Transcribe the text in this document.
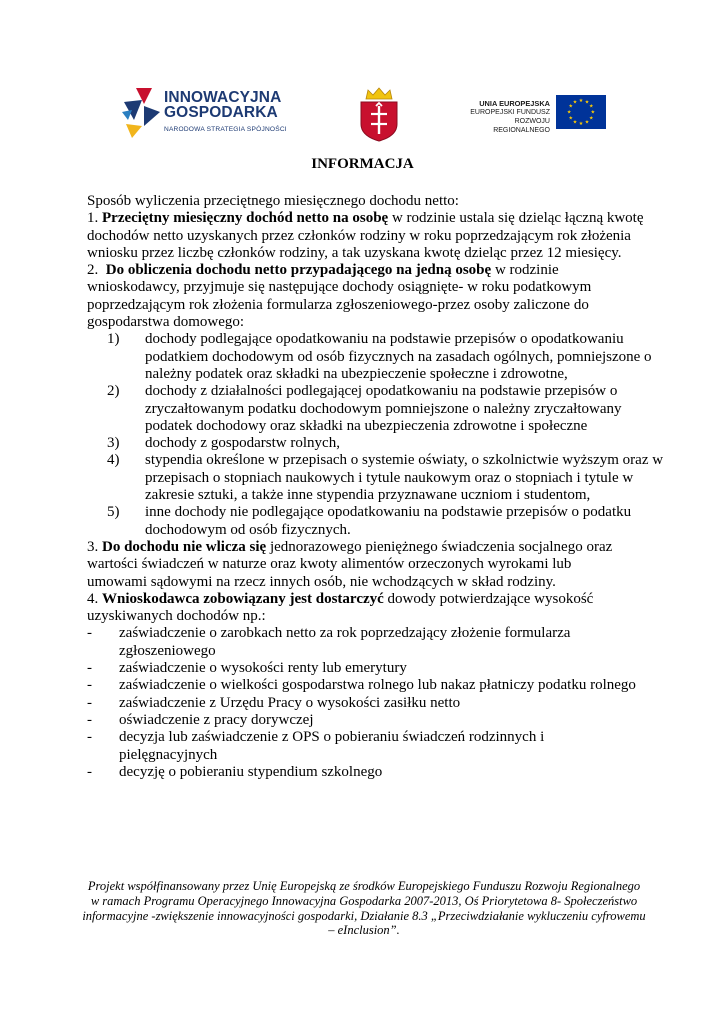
INNOWACYJNA
GOSPODARKA
NARODOWA STRATEGIA SPÓJNOŚCI
UNIA EUROPEJSKA
EUROPEJSKI FUNDUSZ
ROZWOJU REGIONALNEGO
★ ★
★
★
★
★
★
★
★
★
★
★
INFORMACJA
Sposób wyliczenia przeciętnego miesięcznego dochodu netto:
1. Przeciętny miesięczny dochód netto na osobę w rodzinie ustala się dzieląc łączną kwotę
dochodów netto uzyskanych przez członków rodziny w roku poprzedzającym rok złożenia
wniosku przez liczbę członków rodziny, a tak uzyskana kwotę dzieląc przez 12 miesięcy.
2.  Do obliczenia dochodu netto przypadającego na jedną osobę w rodzinie
wnioskodawcy, przyjmuje się następujące dochody osiągnięte- w roku podatkowym
poprzedzającym rok złożenia formularza zgłoszeniowego-przez osoby zaliczone do
gospodarstwa domowego:
1) dochody podlegające opodatkowaniu na podstawie przepisów o opodatkowaniu
podatkiem dochodowym od osób fizycznych na zasadach ogólnych, pomniejszone o
należny podatek oraz składki na ubezpieczenie społeczne i zdrowotne,
2) dochody z działalności podlegającej opodatkowaniu na podstawie przepisów o
zryczałtowanym podatku dochodowym pomniejszone o należny zryczałtowany
podatek dochodowy oraz składki na ubezpieczenia zdrowotne i społeczne
3) dochody z gospodarstw rolnych,
4) stypendia określone w przepisach o systemie oświaty, o szkolnictwie wyższym oraz w
przepisach o stopniach naukowych i tytule naukowym oraz o stopniach i tytule w
zakresie sztuki, a także inne stypendia przyznawane uczniom i studentom,
5) inne dochody nie podlegające opodatkowaniu na podstawie przepisów o podatku
dochodowym od osób fizycznych.
3. Do dochodu nie wlicza się jednorazowego pieniężnego świadczenia socjalnego oraz
wartości świadczeń w naturze oraz kwoty alimentów orzeczonych wyrokami lub
umowami sądowymi na rzecz innych osób, nie wchodzących w skład rodziny.
4. Wnioskodawca zobowiązany jest dostarczyć dowody potwierdzające wysokość
uzyskiwanych dochodów np.:
- zaświadczenie o zarobkach netto za rok poprzedzający złożenie formularza
zgłoszeniowego
- zaświadczenie o wysokości renty lub emerytury
- zaświadczenie o wielkości gospodarstwa rolnego lub nakaz płatniczy podatku rolnego
- zaświadczenie z Urzędu Pracy o wysokości zasiłku netto
- oświadczenie z pracy dorywczej
- decyzja lub zaświadczenie z OPS o pobieraniu świadczeń rodzinnych i
pielęgnacyjnych
- decyzję o pobieraniu stypendium szkolnego
Projekt współfinansowany przez Unię Europejską ze środków Europejskiego Funduszu Rozwoju Regionalnego
w ramach Programu Operacyjnego Innowacyjna Gospodarka 2007-2013, Oś Priorytetowa 8- Społeczeństwo
informacyjne -zwiększenie innowacyjności gospodarki, Działanie 8.3 „Przeciwdziałanie wykluczeniu cyfrowemu
– eInclusion”.
